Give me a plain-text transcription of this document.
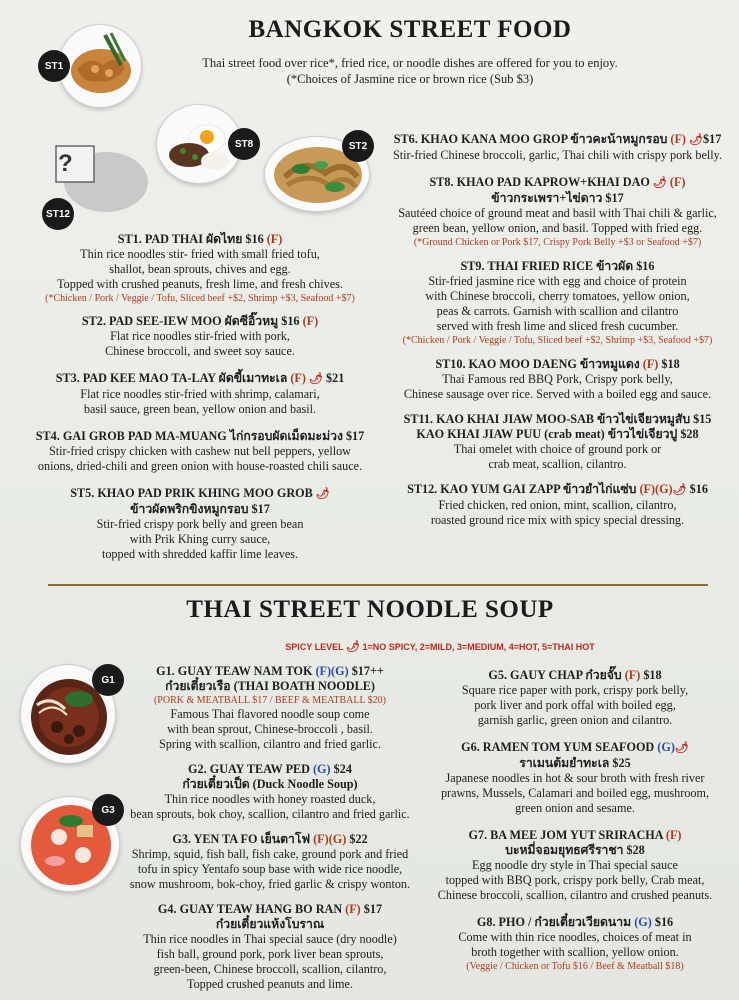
BANGKOK STREET FOOD
Thai street food over rice*, fried rice, or noodle dishes are offered for you to enjoy.
(*Choices of Jasmine rice or brown rice (Sub $3)
ST1
ST8	ST2
?
ST12
ST1. PAD THAI ผัดไทย $16 (F)
Thin rice noodles stir- fried with small fried tofu,
shallot, bean sprouts, chives and egg.
Topped with crushed peanuts, fresh lime, and fresh chives.
(*Chicken / Pork / Veggie / Tofu, Sliced beef +$2, Shrimp +$3, Seafood +$7)
ST2. PAD SEE-IEW MOO ผัดซีอิ๊วหมู $16 (F)
Flat rice noodles stir-fried with pork,
Chinese broccoli, and sweet soy sauce.
ST3. PAD KEE MAO TA-LAY ผัดขี้เมาทะเล (F) 🌶 $21
Flat rice noodles stir-fried with shrimp, calamari,
basil sauce, green bean, yellow onion and basil.
ST4. GAI GROB PAD MA-MUANG ไก่กรอบผัดเม็ดมะม่วง $17
Stir-fried crispy chicken with cashew nut bell peppers, yellow
onions, dried-chili and green onion with house-roasted chili sauce.
ST5. KHAO PAD PRIK KHING MOO GROB 🌶
ข้าวผัดพริกขิงหมูกรอบ $17
Stir-fried crispy pork belly and green bean
with Prik Khing curry sauce,
topped with shredded kaffir lime leaves.
ST6. KHAO KANA MOO GROP ข้าวคะน้าหมูกรอบ (F) 🌶$17
Stir-fried Chinese broccoli, garlic, Thai chili with crispy pork belly.
ST8. KHAO PAD KAPROW+KHAI DAO 🌶 (F)
ข้าวกระเพรา+ไข่ดาว $17
Sautéed choice of ground meat and basil with Thai chili & garlic,
green bean, yellow onion, and basil. Topped with fried egg.
(*Ground Chicken or Pork $17, Crispy Pork Belly +$3 or Seafood +$7)
ST9. THAI FRIED RICE ข้าวผัด $16
Stir-fried jasmine rice with egg and choice of protein
with Chinese broccoli, cherry tomatoes, yellow onion,
peas & carrots. Garnish with scallion and cilantro
served with fresh lime and sliced fresh cucumber.
(*Chicken / Pork / Veggie / Tofu, Sliced beef +$2, Shrimp +$3, Seafood +$7)
ST10. KAO MOO DAENG ข้าวหมูแดง (F) $18
Thai Famous red BBQ Pork, Crispy pork belly,
Chinese sausage over rice. Served with a boiled egg and sauce.
ST11. KAO KHAI JIAW MOO-SAB ข้าวไข่เจียวหมูสับ $15
KAO KHAI JIAW PUU (crab meat) ข้าวไข่เจียวปู $28
Thai omelet with choice of ground pork or
crab meat, scallion, cilantro.
ST12. KAO YUM GAI ZAPP ข้าวยำไก่แซ่บ (F)(G)🌶 $16
Fried chicken, red onion, mint, scallion, cilantro,
roasted ground rice mix with spicy special dressing.
THAI STREET NOODLE SOUP
SPICY LEVEL 🌶 1=NO SPICY, 2=MILD, 3=MEDIUM, 4=HOT, 5=THAI HOT
G1
G3
G1. GUAY TEAW NAM TOK (F)(G) $17++
ก๋วยเตี๋ยวเรือ (THAI BOATH NOODLE)
(PORK & MEATBALL $17 / BEEF & MEATBALL $20)
Famous Thai flavored noodle soup come
with bean sprout, Chinese-broccoli , basil.
Spring with scallion, cilantro and fried garlic.
G2. GUAY TEAW PED (G) $24
ก๋วยเตี๋ยวเป็ด (Duck Noodle Soup)
Thin rice noodles with honey roasted duck,
bean sprouts, bok choy, scallion, cilantro and fried garlic.
G3. YEN TA FO เย็นตาโฟ (F)(G) $22
Shrimp, squid, fish ball, fish cake, ground pork and fried
tofu in spicy Yentafo soup base with wide rice noodle,
snow mushroom, bok-choy, fried garlic & crispy wonton.
G4. GUAY TEAW HANG BO RAN (F) $17
ก๋วยเตี๋ยวแห้งโบราณ
Thin rice noodles in Thai special sauce (dry noodle)
fish ball, ground pork, pork liver bean sprouts,
green-been, Chinese broccoll, scallion, cilantro,
Topped crushed peanuts and lime.
G5. GAUY CHAP ก๋วยจั๊บ (F) $18
Square rice paper with pork, crispy pork belly,
pork liver and pork offal with boiled egg,
garnish garlic, green onion and cilantro.
G6. RAMEN TOM YUM SEAFOOD (G)🌶
ราเมนต้มยำทะเล $25
Japanese noodles in hot & sour broth with fresh river
prawns, Mussels, Calamari and boiled egg, mushroom,
green onion and sesame.
G7. BA MEE JOM YUT SRIRACHA (F)
บะหมี่จอมยุทธศรีราชา $28
Egg noodle dry style in Thai special sauce
topped with BBQ pork, crispy pork belly, Crab meat,
Chinese broccoli, scallion, cilantro and crushed peanuts.
G8. PHO / ก๋วยเตี๋ยวเวียดนาม (G) $16
Come with thin rice noodles, choices of meat in
broth together with scallion, yellow onion.
(Veggie / Chicken or Tofu $16 / Beef & Meatball $18)
